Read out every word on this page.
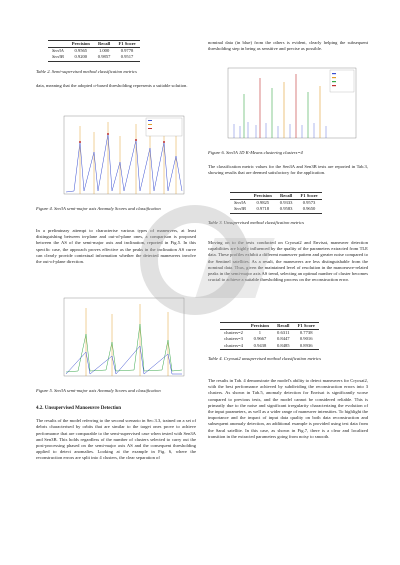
	Precision	Recall	F1 Score
Sen3A	0.9565	1.000	0.9778
Sen3B	0.9200	0.9857	0.9517

Table 2. Semi-supervised method classification metrics

data, meaning that the adopted σ-based thresholding represents a suitable solution.

Figure 4. Sen3A semi-major axis Anomaly Scores and classification

In a preliminary attempt to characterise various types of maneuvers, at least distinguishing between in-plane and out-of-plane ones, a comparison is proposed between the AS of the semi-major axis and inclination, reported in Fig.5. In this specific case, the approach proves effective as the peaks in the inclination AS curve can clearly provide contextual information whether the detected maneuvers involve the out-of-plane direction.

Figure 5. Sen3A semi-major axis Anomaly Scores and classification

4.2. Unsupervised Manoeuvre Detection

The results of the model referring to the second scenario in Sec.3.3, trained on a set of debris characterised by orbits that are similar to the target ones prove to achieve performance that are comparable to the semi-supervised case when tested with Sen3A and Sen3B. This holds regardless of the number of clusters selected to carry out the post-processing phased on the semi-major axis AS and the consequent thresholding applied to detect anomalies. Looking at the example in Fig. 6, where the reconstruction errors are split into 4 clusters, the clear separation of

nominal data (in blue) from the others is evident, clearly helping the subsequent thresholding step in being as sensitive and precise as possible.

Figure 6. Sen3A 1D K-Means clustering clusters=4

The classification metric values for the Sen3A and Sen3B tests are reported in Tab.3, showing results that are deemed satisfactory for the application.

	Precision	Recall	F1 Score
Sen3A	0.9825	0.9333	0.9573
Sen3B	0.9718	0.9583	0.9650

Table 3. Unsupervised method classification metrics

Moving on to the tests conducted on Cryosat2 and Envisat, maneuver detection capabilities are highly influenced by the quality of the parameters extracted from TLE data. These profiles exhibit a different maneuver pattern and greater noise compared to the Sentinel satellites. As a result, the maneuvers are less distinguishable from the nominal data. Thus, given the maintained level of resolution in the manoeuvre-related peaks in the semi-major axis AS trend, selecting an optimal number of cluster becomes crucial to achieve a suitable thresholding process on the reconstruction error.

	Precision	Recall	F1 Score
clusters=2	1	0.6311	0.7738
clusters=3	0.9667	0.8447	0.9016
clusters=4	0.9438	0.8485	0.8936

Table 4. Cryosat2 unsupervised method classification metrics

The results in Tab. 4 demonstrate the model's ability to detect maneuvers for Cryosat2, with the best performance achieved by subdividing the reconstruction errors into 3 clusters. As shown in Tab.5, anomaly detection for Envisat is significantly worse compared to previous tests, and the model cannot be considered reliable. This is primarily due to the noise and significant irregularity characterizing the evolution of the input parameters, as well as a wider range of maneuver intensities. To highlight the importance and the impact of input data quality on both data reconstruction and subsequent anomaly detection, an additional example is provided using test data from the Saral satellite. In this case, as shown in Fig.7, there is a clear and localized transition in the extracted parameters going from noisy to smooth.
